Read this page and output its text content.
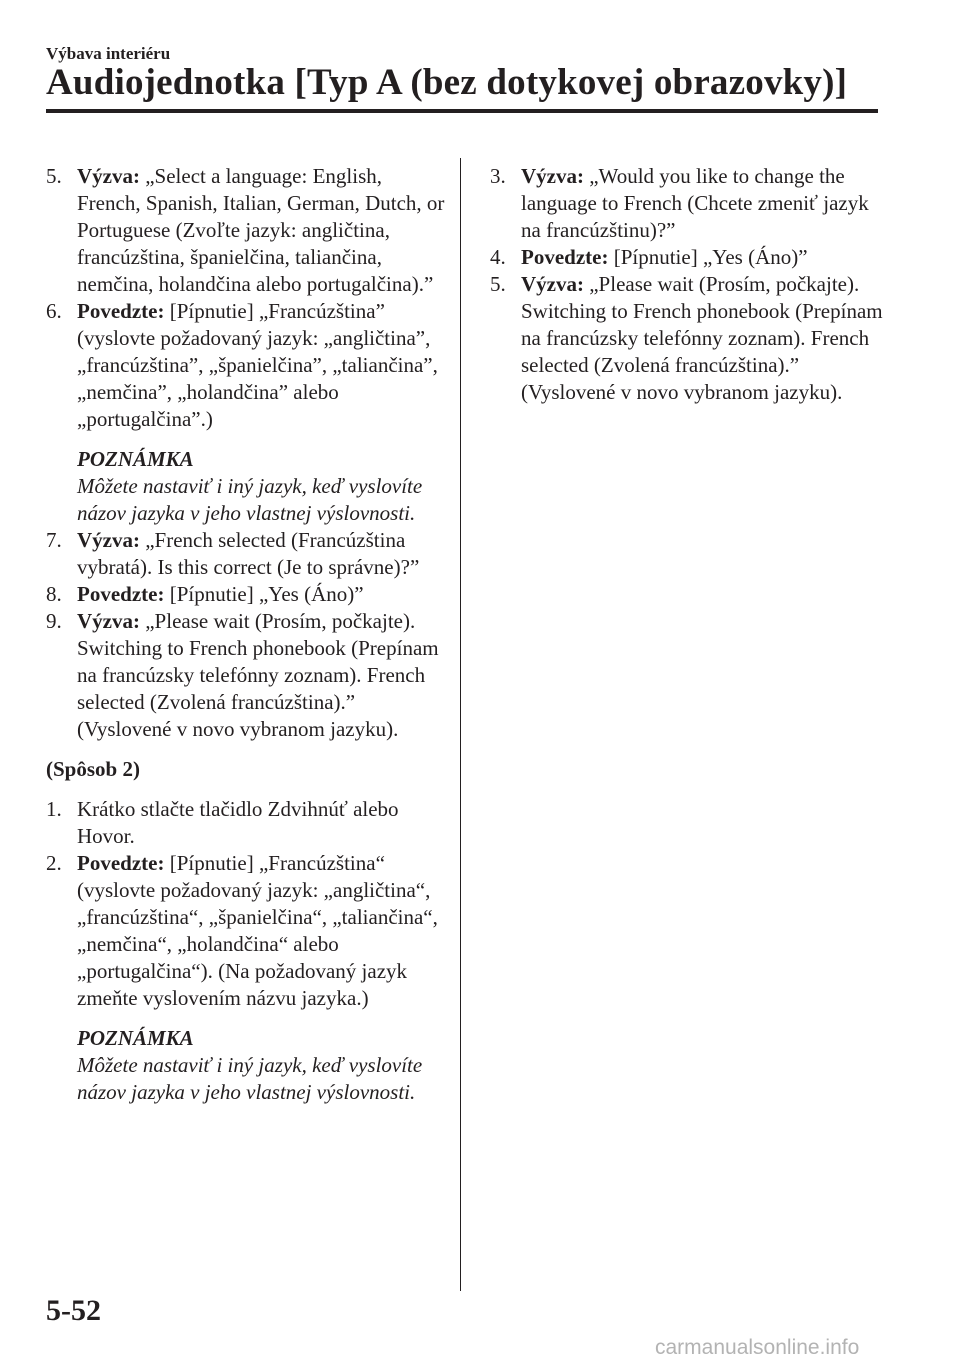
Výbava interiéru
Audiojednotka [Typ A (bez dotykovej obrazovky)]
5. Výzva: „Select a language: English, French, Spanish, Italian, German, Dutch, or Portuguese (Zvoľte jazyk: angličtina, francúzština, španielčina, taliančina, nemčina, holandčina alebo portugalčina).”
6. Povedzte: [Pípnutie] „Francúzština” (vyslovte požadovaný jazyk: „angličtina”, „francúzština”, „španielčina”, „taliančina”, „nemčina”, „holandčina” alebo „portugalčina”.)
POZNÁMKA
Môžete nastaviť i iný jazyk, keď vyslovíte názov jazyka v jeho vlastnej výslovnosti.
7. Výzva: „French selected (Francúzština vybratá). Is this correct (Je to správne)?”
8. Povedzte: [Pípnutie] „Yes (Áno)”
9. Výzva: „Please wait (Prosím, počkajte). Switching to French phonebook (Prepínam na francúzsky telefónny zoznam). French selected (Zvolená francúzština).” (Vyslovené v novo vybranom jazyku).
(Spôsob 2)
1. Krátko stlačte tlačidlo Zdvihnúť alebo Hovor.
2. Povedzte: [Pípnutie] „Francúzština“ (vyslovte požadovaný jazyk: „angličtina“, „francúzština“, „španielčina“, „taliančina“, „nemčina“, „holandčina“ alebo „portugalčina“). (Na požadovaný jazyk zmeňte vyslovením názvu jazyka.)
POZNÁMKA
Môžete nastaviť i iný jazyk, keď vyslovíte názov jazyka v jeho vlastnej výslovnosti.
3. Výzva: „Would you like to change the language to French (Chcete zmeniť jazyk na francúzštinu)?”
4. Povedzte: [Pípnutie] „Yes (Áno)”
5. Výzva: „Please wait (Prosím, počkajte). Switching to French phonebook (Prepínam na francúzsky telefónny zoznam). French selected (Zvolená francúzština).” (Vyslovené v novo vybranom jazyku).
5-52
carmanualsonline.info
